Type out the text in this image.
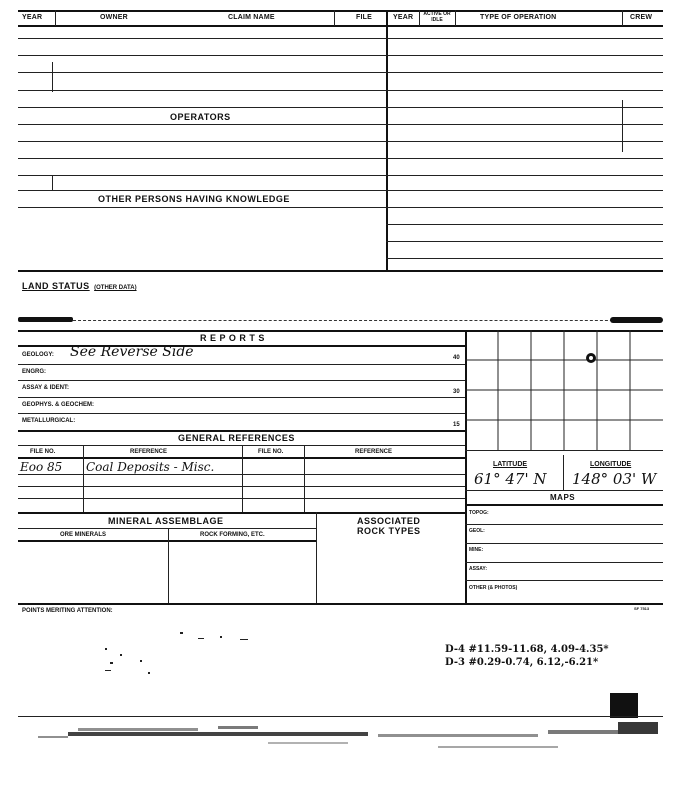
YEAR	OWNER	CLAIM NAME	FILE	YEAR ACTIVE OR IDLE	TYPE OF OPERATION	CREW
OPERATORS
OTHER PERSONS HAVING KNOWLEDGE
LAND STATUS (OTHER DATA)
R E P O R T S
GEOLOGY: See Reverse Side	40
ENGRG:
ASSAY & IDENT:
30
GEOPHYS. & GEOCHEM:
METALLURGICAL:
15
GENERAL REFERENCES
FILE NO.	REFERENCE	FILE NO.	REFERENCE
Eoo 85 Coal Deposits - Misc.
MINERAL ASSEMBLAGE	ASSOCIATED
ROCK TYPES
ORE MINERALS	ROCK FORMING, ETC.
LATITUDE	LONGITUDE
61° 47' N 148° 03' W
MAPS
TOPOG:
GEOL:
MINE:
ASSAY:
OTHER (& PHOTOS)
POINTS MERITING ATTENTION:	SF 7513
D-4 #11.59-11.68, 4.09-4.35*
D-3 #0.29-0.74, 6.12,-6.21*
